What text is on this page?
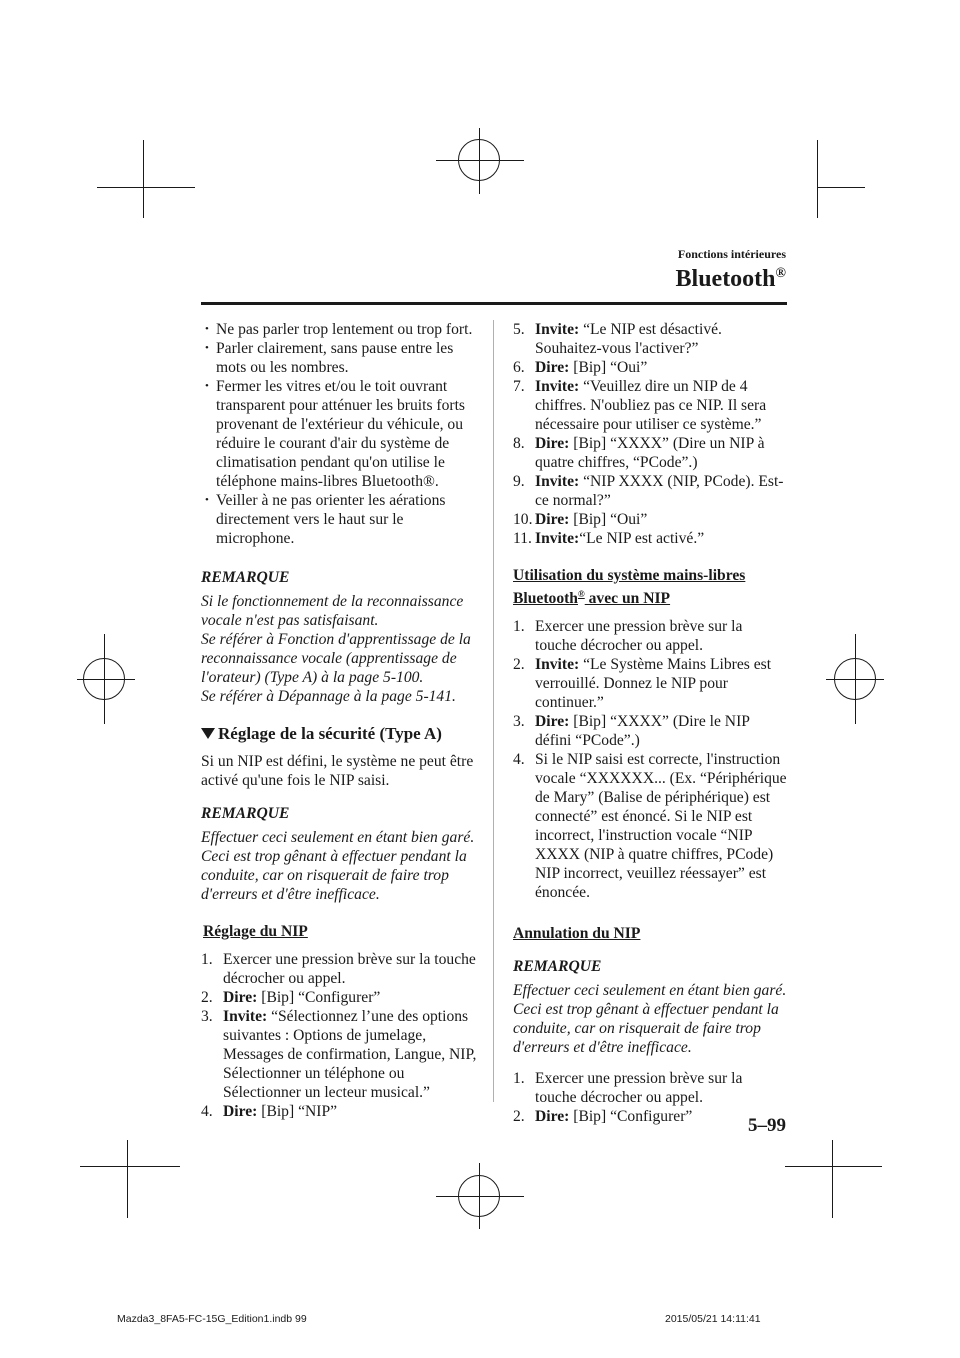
Fonctions intérieures
Bluetooth®
• Ne pas parler trop lentement ou trop fort.
• Parler clairement, sans pause entre les mots ou les nombres.
• Fermer les vitres et/ou le toit ouvrant transparent pour atténuer les bruits forts provenant de l'extérieur du véhicule, ou réduire le courant d'air du système de climatisation pendant qu'on utilise le téléphone mains-libres Bluetooth®.
• Veiller à ne pas orienter les aérations directement vers le haut sur le microphone.
REMARQUE
Si le fonctionnement de la reconnaissance vocale n'est pas satisfaisant.
Se référer à Fonction d'apprentissage de la reconnaissance vocale (apprentissage de l'orateur) (Type A) à la page 5-100.
Se référer à Dépannage à la page 5-141.
Réglage de la sécurité (Type A)
Si un NIP est défini, le système ne peut être activé qu'une fois le NIP saisi.
REMARQUE
Effectuer ceci seulement en étant bien garé. Ceci est trop gênant à effectuer pendant la conduite, car on risquerait de faire trop d'erreurs et d'être inefficace.
Réglage du NIP
1. Exercer une pression brève sur la touche décrocher ou appel.
2. Dire: [Bip] “Configurer”
3. Invite: “Sélectionnez l’une des options suivantes : Options de jumelage, Messages de confirmation, Langue, NIP, Sélectionner un téléphone ou Sélectionner un lecteur musical.”
4. Dire: [Bip] “NIP”
5. Invite: “Le NIP est désactivé. Souhaitez-vous l'activer?”
6. Dire: [Bip] “Oui”
7. Invite: “Veuillez dire un NIP de 4 chiffres. N'oubliez pas ce NIP. Il sera nécessaire pour utiliser ce système.”
8. Dire: [Bip] “XXXX” (Dire un NIP à quatre chiffres, “PCode”.)
9. Invite: “NIP XXXX (NIP, PCode). Est-ce normal?”
10. Dire: [Bip] “Oui”
11. Invite:“Le NIP est activé.”
Utilisation du système mains-libres
Bluetooth® avec un NIP
1. Exercer une pression brève sur la touche décrocher ou appel.
2. Invite: “Le Système Mains Libres est verrouillé. Donnez le NIP pour continuer.”
3. Dire: [Bip] “XXXX” (Dire le NIP défini “PCode”.)
4. Si le NIP saisi est correcte, l'instruction vocale “XXXXXX... (Ex. “Périphérique de Mary” (Balise de périphérique) est connecté” est énoncé. Si le NIP est incorrect, l'instruction vocale “NIP XXXX (NIP à quatre chiffres, PCode) NIP incorrect, veuillez réessayer” est énoncée.
Annulation du NIP
REMARQUE
Effectuer ceci seulement en étant bien garé. Ceci est trop gênant à effectuer pendant la conduite, car on risquerait de faire trop d'erreurs et d'être inefficace.
1. Exercer une pression brève sur la touche décrocher ou appel.
2. Dire: [Bip] “Configurer”	5–99
Mazda3_8FA5-FC-15G_Edition1.indb 99	2015/05/21 14:11:41
